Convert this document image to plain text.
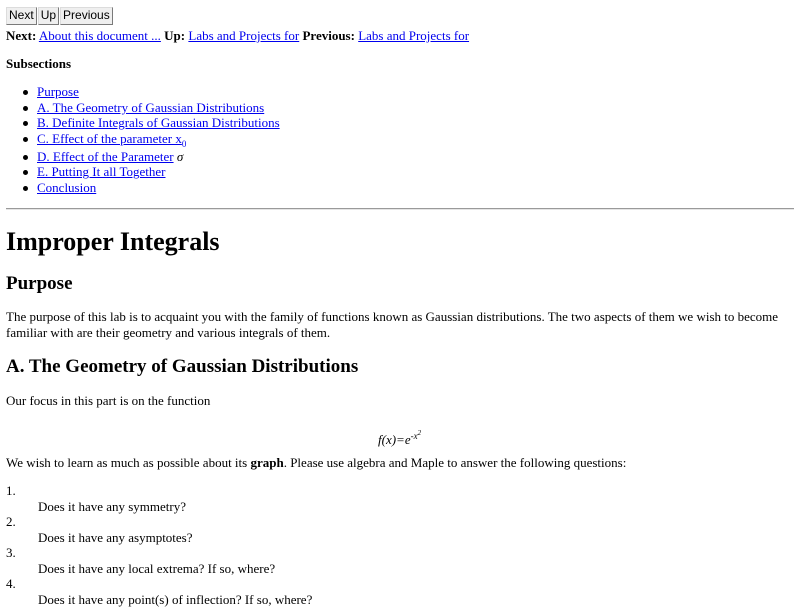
Next Up Previous
Next: About this document ... Up: Labs and Projects for Previous: Labs and Projects for
Subsections
Purpose
A. The Geometry of Gaussian Distributions
B. Definite Integrals of Gaussian Distributions
C. Effect of the parameter $x_0$
D. Effect of the Parameter σ
E. Putting It all Together
Conclusion
Improper Integrals
Purpose

The purpose of this lab is to acquaint you with the family of functions known as Gaussian distributions. The two aspects of them we wish to become familiar with are their geometry and various integrals of them.

A. The Geometry of Gaussian Distributions

Our focus in this part is on the function

$f(x)=e^{-x^2}$

We wish to learn as much as possible about its graph. Please use algebra and Maple to answer the following questions:

1.
Does it have any symmetry?
2.
Does it have any asymptotes?
3.
Does it have any local extrema? If so, where?
4.
Does it have any point(s) of inflection? If so, where?
